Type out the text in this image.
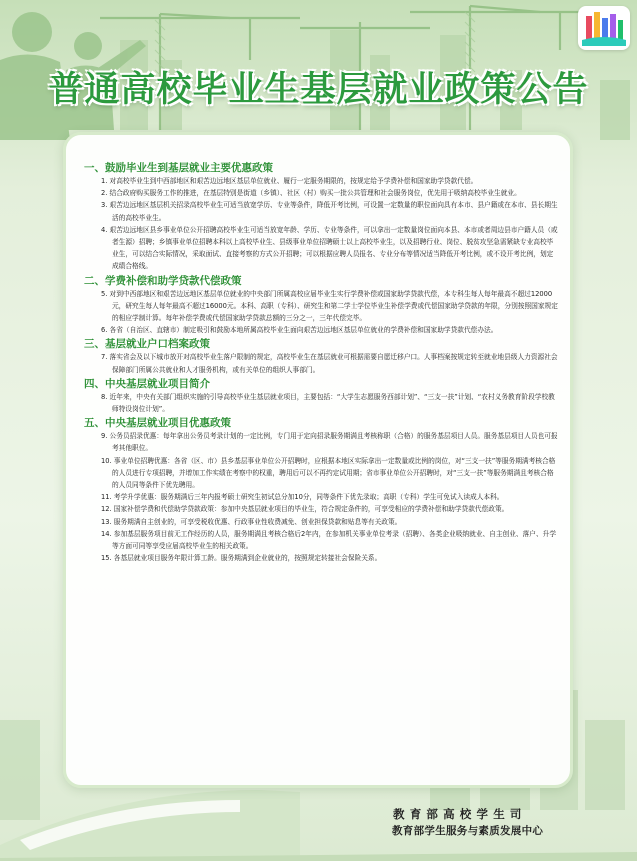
普通高校毕业生基层就业政策公告
一、鼓励毕业生到基层就业主要优惠政策
1. 对高校毕业生到中西部地区和艰苦边远地区基层单位就业、履行一定服务期限的，按规定给予学费补偿和国家助学贷款代偿。
2. 结合政府购买服务工作的推进，在基层特别是街道（乡镇）、社区（村）购买一批公共管理和社会服务岗位，优先用于吸纳高校毕业生就业。
3. 艰苦边远地区基层机关招录高校毕业生可适当放宽学历、专业等条件，降低开考比例，可设置一定数量的职位面向具有本市、县户籍或在本市、县长期生活的高校毕业生。
4. 艰苦边远地区县乡事业单位公开招聘高校毕业生可适当放宽年龄、学历、专业等条件，可以拿出一定数量岗位面向本县、本市或者周边县市户籍人员（或者生源）招聘；乡镇事业单位招聘本科以上高校毕业生、县级事业单位招聘硕士以上高校毕业生，以及招聘行业、岗位、脱贫攻坚急需紧缺专业高校毕业生，可以结合实际情况，采取面试、直接考察的方式公开招聘；可以根据应聘人员报名、专业分布等情况适当降低开考比例，或不设开考比例，划定成绩合格线。
二、学费补偿和助学贷款代偿政策
5. 对到中西部地区和艰苦边远地区基层单位就业的中央部门所属高校应届毕业生实行学费补偿或国家助学贷款代偿，本专科生每人每年最高不超过12000元，研究生每人每年最高不超过16000元。本科、高职（专科）、研究生和第二学士学位毕业生补偿学费或代偿国家助学贷款的年限，分别按照国家规定的相应学制计算。每年补偿学费或代偿国家助学贷款总额的三分之一，三年代偿完毕。
6. 各省（自治区、直辖市）制定吸引和鼓励本地所属高校毕业生面向艰苦边远地区基层单位就业的学费补偿和国家助学贷款代偿办法。
三、基层就业户口档案政策
7. 落实省会及以下城市放开对高校毕业生落户限制的规定，高校毕业生在基层就业可根据需要自愿迁移户口。人事档案按规定转至就业地县级人力资源社会保障部门所属公共就业和人才服务机构，或有关单位的组织人事部门。
四、中央基层就业项目简介
8. 近年来，中央有关部门组织实施的引导高校毕业生基层就业项目，主要包括：“大学生志愿服务西部计划”、“三支一扶”计划、“农村义务教育阶段学校教师特设岗位计划”。
五、中央基层就业项目优惠政策
9. 公务员招录优惠：每年拿出公务员考录计划的一定比例，专门用于定向招录服务期满且考核称职（合格）的服务基层项目人员。服务基层项目人员也可报考其他职位。
10. 事业单位招聘优惠：各省（区、市）县乡基层事业单位公开招聘时，应根据本地区实际拿出一定数量或比例的岗位，对“三支一扶”等服务期满考核合格的人员进行专项招聘，并增加工作实绩在考察中的权重，聘用后可以不再约定试用期；省市事业单位公开招聘时，对“三支一扶”等服务期满且考核合格的人员同等条件下优先聘用。
11. 考学升学优惠：服务期满后三年内报考硕士研究生初试总分加10分，同等条件下优先录取；高职（专科）学生可免试入读成人本科。
12. 国家补偿学费和代偿助学贷款政策：参加中央基层就业项目的毕业生，符合规定条件的，可享受相应的学费补偿和助学贷款代偿政策。
13. 服务期满自主创业的，可享受税收优惠、行政事业性收费减免、创业担保贷款和贴息等有关政策。
14. 参加基层服务项目前无工作经历的人员，服务期满且考核合格后2年内，在参加机关事业单位考录（招聘）、各类企业吸纳就业、自主创业、落户、升学等方面可同等享受应届高校毕业生的相关政策。
15. 各基层就业项目服务年限计算工龄。服务期满到企业就业的，按照规定转接社会保险关系。
教育部高校学生司
教育部学生服务与素质发展中心
